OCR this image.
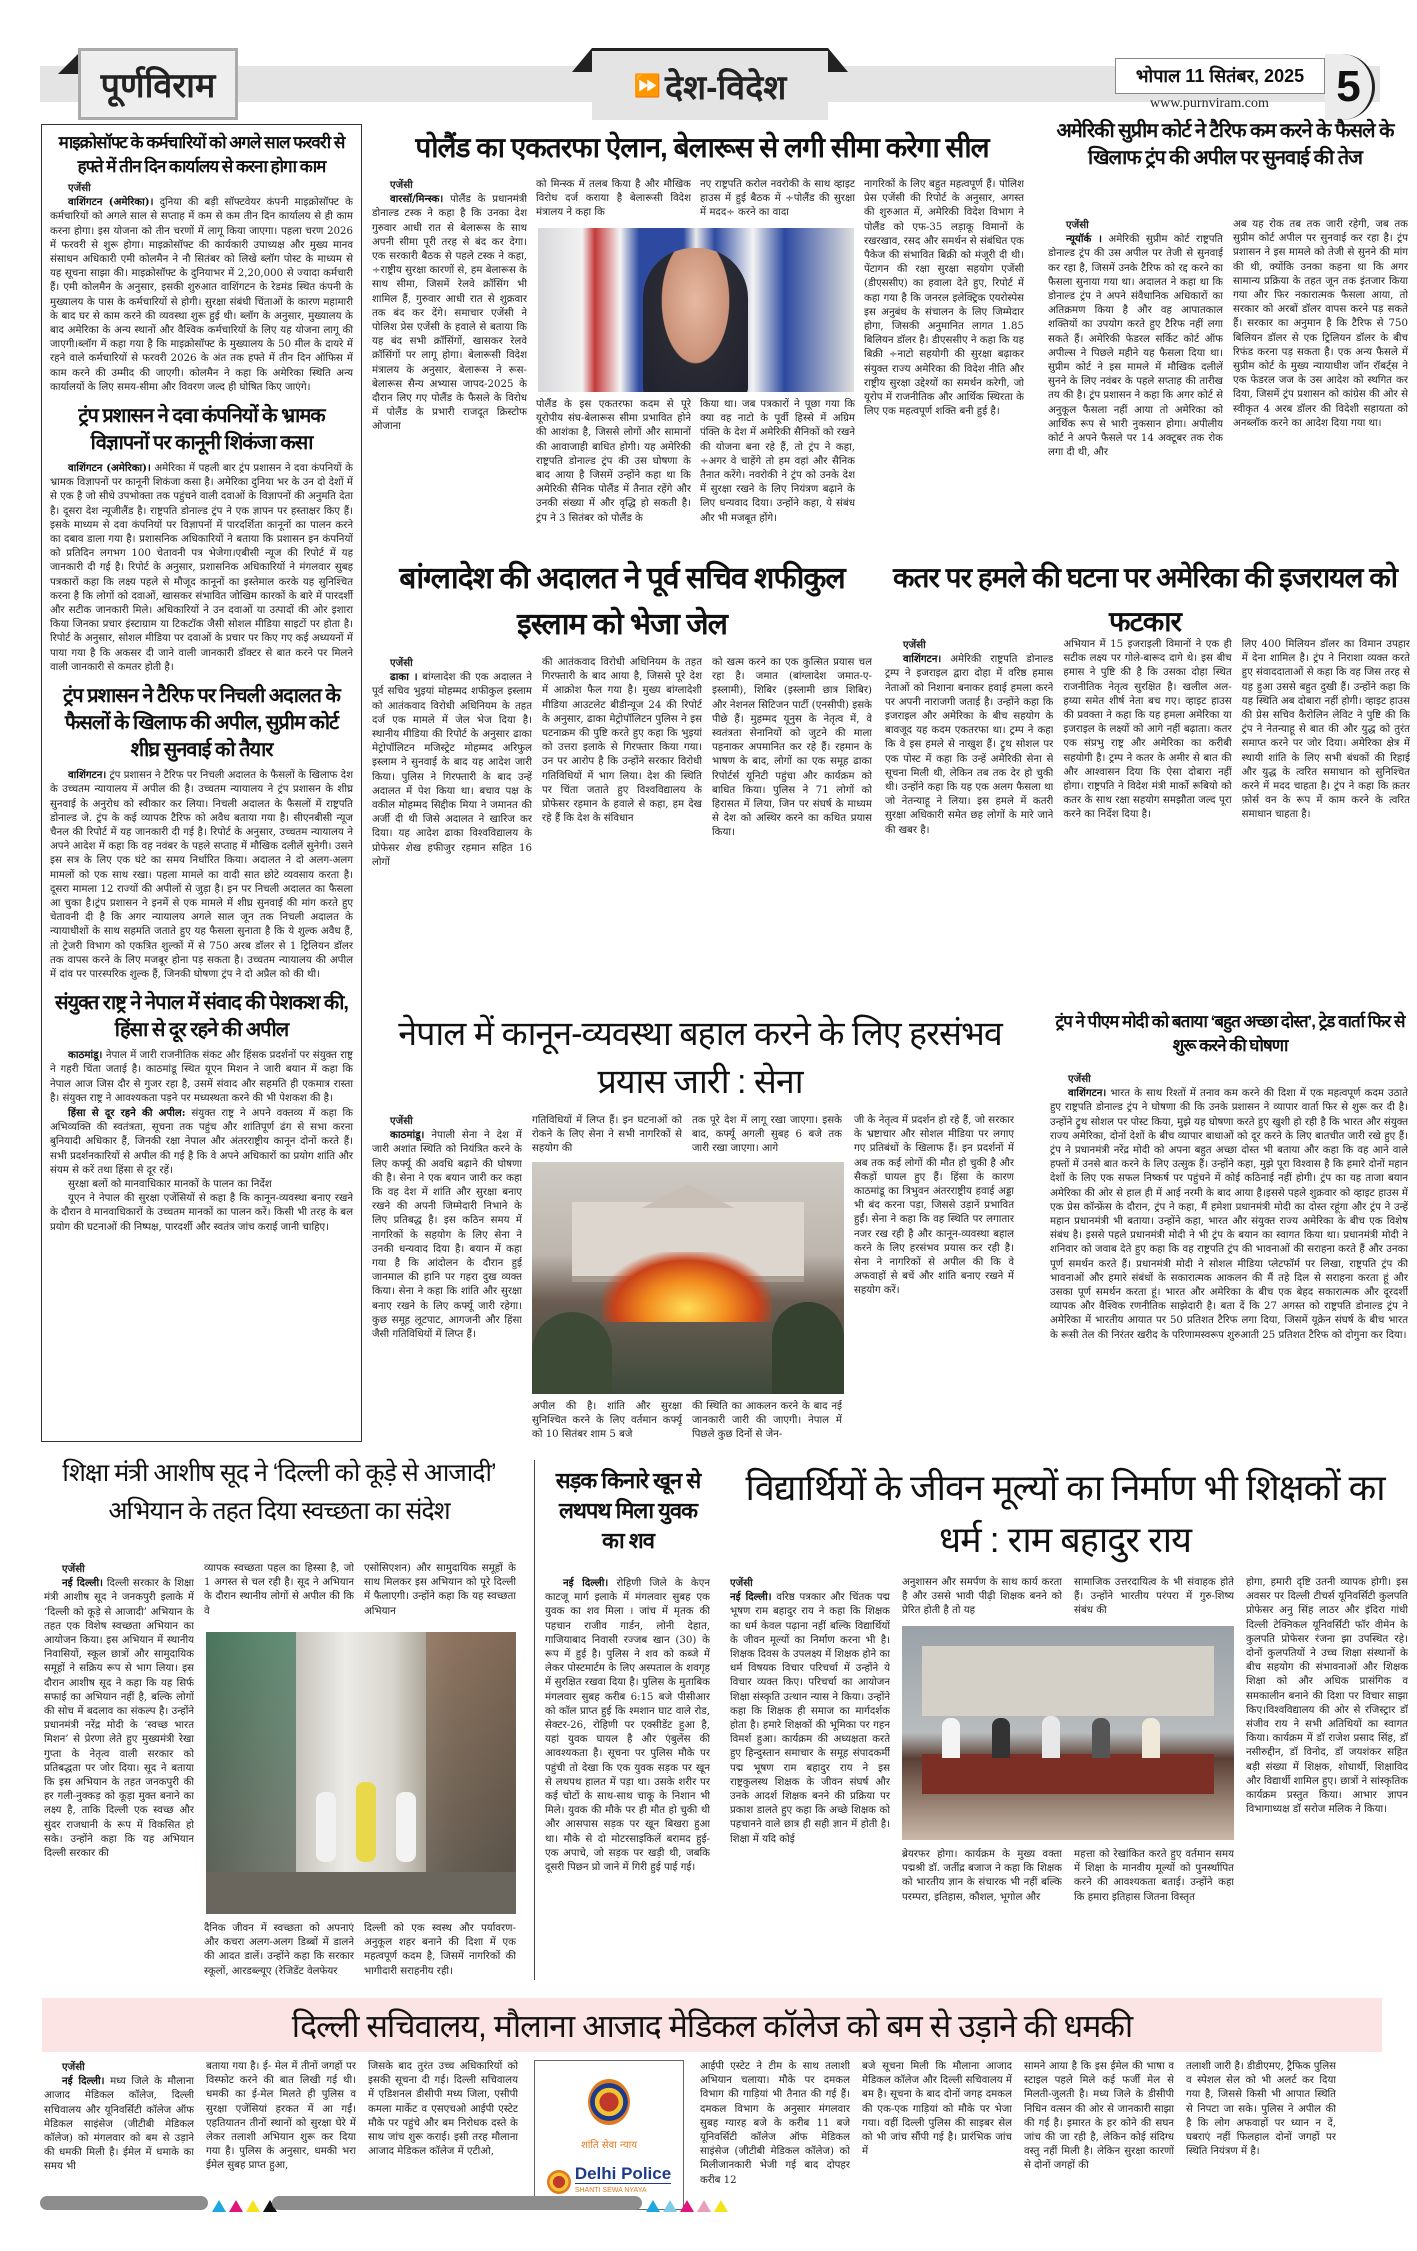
पूर्णविराम	⏩ देश-विदेश	भोपाल 11 सितंबर, 2025
www.purnviram.com 5
माइक्रोसॉफ्ट के कर्मचारियों को अगले साल फरवरी से हफ्ते में तीन दिन कार्यालय से करना होगा काम
एजेंसी
वाशिंगटन (अमेरिका)। दुनिया की बड़ी सॉफ्टवेयर कंपनी माइक्रोसॉफ्ट के कर्मचारियों को अगले साल से सप्ताह में कम से कम तीन दिन कार्यालय से ही काम करना होगा। इस योजना को तीन चरणों में लागू किया जाएगा। पहला चरण 2026 में फरवरी से शुरू होगा। माइक्रोसॉफ्ट की कार्यकारी उपाध्यक्ष और मुख्य मानव संसाधन अधिकारी एमी कोलमैन ने नौ सितंबर को लिखे ब्लॉग पोस्ट के माध्यम से यह सूचना साझा की। माइक्रोसॉफ्ट के दुनियाभर में 2,20,000 से ज्यादा कर्मचारी हैं। एमी कोलमैन के अनुसार, इसकी शुरुआत वाशिंगटन के रेडमंड स्थित कंपनी के मुख्यालय के पास के कर्मचारियों से होगी। सुरक्षा संबंधी चिंताओं के कारण महामारी के बाद घर से काम करने की व्यवस्था शुरू हुई थी। ब्लॉग के अनुसार, मुख्यालय के बाद अमेरिका के अन्य स्थानों और वैश्विक कर्मचारियों के लिए यह योजना लागू की जाएगी।ब्लॉग में कहा गया है कि माइक्रोसॉफ्ट के मुख्यालय के 50 मील के दायरे में रहने वाले कर्मचारियों से फरवरी 2026 के अंत तक हफ्ते में तीन दिन ऑफिस में काम करने की उम्मीद की जाएगी। कोलमैन ने कहा कि अमेरिका स्थिति अन्य कार्यालयों के लिए समय-सीमा और विवरण जल्द ही घोषित किए जाएंगे।
ट्रंप प्रशासन ने दवा कंपनियों के भ्रामक विज्ञापनों पर कानूनी शिकंजा कसा
वाशिंगटन (अमेरिका)। अमेरिका में पहली बार ट्रंप प्रशासन ने दवा कंपनियों के भ्रामक विज्ञापनों पर कानूनी शिकंजा कसा है। अमेरिका दुनिया भर के उन दो देशों में से एक है जो सीधे उपभोक्ता तक पहुंचने वाली दवाओं के विज्ञापनों की अनुमति देता है। दूसरा देश न्यूजीलैंड है। राष्ट्रपति डोनाल्ड ट्रंप ने एक ज्ञापन पर हस्ताक्षर किए हैं। इसके माध्यम से दवा कंपनियों पर विज्ञापनों में पारदर्शिता कानूनों का पालन करने का दबाव डाला गया है। प्रशासनिक अधिकारियों ने बताया कि प्रशासन इन कंपनियों को प्रतिदिन लगभग 100 चेतावनी पत्र भेजेगा।एबीसी न्यूज की रिपोर्ट में यह जानकारी दी गई है। रिपोर्ट के अनुसार, प्रशासनिक अधिकारियों ने मंगलवार सुबह पत्रकारों कहा कि लक्ष्य पहले से मौजूद कानूनों का इस्तेमाल करके यह सुनिश्चित करना है कि लोगों को दवाओं, खासकर संभावित जोखिम कारकों के बारे में पारदर्शी और सटीक जानकारी मिले। अधिकारियों ने उन दवाओं या उत्पादों की ओर इशारा किया जिनका प्रचार इंस्टाग्राम या टिकटॉक जैसी सोशल मीडिया साइटों पर होता है। रिपोर्ट के अनुसार, सोशल मीडिया पर दवाओं के प्रचार पर किए गए कई अध्ययनों में पाया गया है कि अकसर दी जाने वाली जानकारी डॉक्टर से बात करने पर मिलने वाली जानकारी से कमतर होती है।
ट्रंप प्रशासन ने टैरिफ पर निचली अदालत के फैसलों के खिलाफ की अपील, सुप्रीम कोर्ट शीघ्र सुनवाई को तैयार
वाशिंगटन। ट्रंप प्रशासन ने टैरिफ पर निचली अदालत के फैसलों के खिलाफ देश के उच्चतम न्यायालय में अपील की है। उच्चतम न्यायालय ने ट्रंप प्रशासन के शीघ्र सुनवाई के अनुरोध को स्वीकार कर लिया। निचली अदालत के फैसलों में राष्ट्रपति डोनाल्ड जे. ट्रंप के कई व्यापक टैरिफ को अवैध बताया गया है। सीएनबीसी न्यूज चैनल की रिपोर्ट में यह जानकारी दी गई है। रिपोर्ट के अनुसार, उच्चतम न्यायालय ने अपने आदेश में कहा कि वह नवंबर के पहले सप्ताह में मौखिक दलीलें सुनेगी। उसने इस सत्र के लिए एक घंटे का समय निर्धारित किया। अदालत ने दो अलग-अलग मामलों को एक साथ रखा। पहला मामले का वादी सात छोटे व्यवसाय करता है। दूसरा मामला 12 राज्यों की अपीलों से जुड़ा है। इन पर निचली अदालत का फैसला आ चुका है।ट्रंप प्रशासन ने इनमें से एक मामले में शीघ्र सुनवाई की मांग करते हुए चेतावनी दी है कि अगर न्यायालय अगले साल जून तक निचली अदालत के न्यायाधीशों के साथ सहमति जताते हुए यह फैसला सुनाता है कि ये शुल्क अवैध हैं, तो ट्रेजरी विभाग को एकत्रित शुल्कों में से 750 अरब डॉलर से 1 ट्रिलियन डॉलर तक वापस करने के लिए मजबूर होना पड़ सकता है। उच्चतम न्यायालय की अपील में दांव पर पारस्परिक शुल्क हैं, जिनकी घोषणा ट्रंप ने दो अप्रैल को की थी।
संयुक्त राष्ट्र ने नेपाल में संवाद की पेशकश की, हिंसा से दूर रहने की अपील
काठमांडू। नेपाल में जारी राजनीतिक संकट और हिंसक प्रदर्शनों पर संयुक्त राष्ट्र ने गहरी चिंता जताई है। काठमांडू स्थित यूएन मिशन ने जारी बयान में कहा कि नेपाल आज जिस दौर से गुजर रहा है, उसमें संवाद और सहमति ही एकमात्र रास्ता है। संयुक्त राष्ट्र ने आवश्यकता पड़ने पर मध्यस्थता करने की भी पेशकश की है।
हिंसा से दूर रहने की अपील: संयुक्त राष्ट्र ने अपने वक्तव्य में कहा कि अभिव्यक्ति की स्वतंत्रता, सूचना तक पहुंच और शांतिपूर्ण ढंग से सभा करना बुनियादी अधिकार हैं, जिनकी रक्षा नेपाल और अंतरराष्ट्रीय कानून दोनों करते हैं। सभी प्रदर्शनकारियों से अपील की गई है कि वे अपने अधिकारों का प्रयोग शांति और संयम से करें तथा हिंसा से दूर रहें।
सुरक्षा बलों को मानवाधिकार मानकों के पालन का निर्देश
यूएन ने नेपाल की सुरक्षा एजेंसियों से कहा है कि कानून-व्यवस्था बनाए रखने के दौरान वे मानवाधिकारों के उच्चतम मानकों का पालन करें। किसी भी तरह के बल प्रयोग की घटनाओं की निष्पक्ष, पारदर्शी और स्वतंत्र जांच कराई जानी चाहिए।
पोलैंड का एकतरफा ऐलान, बेलारूस से लगी सीमा करेगा सील
एजेंसी
वारसॉ/मिन्स्क। पोलैंड के प्रधानमंत्री डोनाल्ड टस्क ने कहा है कि उनका देश गुरुवार आधी रात से बेलारूस के साथ अपनी सीमा पूरी तरह से बंद कर देगा। एक सरकारी बैठक से पहले टस्क ने कहा, ÷राष्ट्रीय सुरक्षा कारणों से, हम बेलारूस के साथ सीमा, जिसमें रेलवे क्रॉसिंग भी शामिल हैं, गुरुवार आधी रात से शुक्रवार तक बंद कर देंगे। समाचार एजेंसी ने पोलिश प्रेस एजेंसी के हवाले से बताया कि यह बंद सभी क्रॉसिंगों, खासकर रेलवे क्रॉसिंगों पर लागू होगा। बेलारूसी विदेश मंत्रालय के अनुसार, बेलारूस ने रूस-बेलारूस सैन्य अभ्यास जापद-2025 के दौरान लिए गए पोलैंड के फैसले के विरोध में पोलैंड के प्रभारी राजदूत क्रिस्टोफ ओजाना
को मिन्स्क में तलब किया है और मौखिक विरोध दर्ज कराया है बेलारूसी विदेश मंत्रालय ने कहा कि
नए राष्ट्रपति करोल नवरोकी के साथ व्हाइट हाउस में हुई बैठक में ÷पोलैंड की सुरक्षा में मदद÷ करने का वादा
पोलैंड के इस एकतरफा कदम से पूरे यूरोपीय संघ-बेलारूस सीमा प्रभावित होने की आशंका है, जिससे लोगों और सामानों की आवाजाही बाधित होगी। यह अमेरिकी राष्ट्रपति डोनाल्ड ट्रंप की उस घोषणा के बाद आया है जिसमें उन्होंने कहा था कि अमेरिकी सैनिक पोलैंड में तैनात रहेंगे और उनकी संख्या में और वृद्धि हो सकती है। ट्रंप ने 3 सितंबर को पोलैंड के
किया था। जब पत्रकारों ने पूछा गया कि क्या वह नाटो के पूर्वी हिस्से में अग्रिम पंक्ति के देश में अमेरिकी सैनिकों को रखने की योजना बना रहे हैं, तो ट्रंप ने कहा, ÷अगर वे चाहेंगे तो हम वहां और सैनिक तैनात करेंगे। नवरोकी ने ट्रंप को उनके देश में सुरक्षा रखने के लिए नियंत्रण बढ़ाने के लिए धन्यवाद दिया। उन्होंने कहा, ये संबंध और भी मजबूत होंगे।
नागरिकों के लिए बहुत महत्वपूर्ण हैं। पोलिश प्रेस एजेंसी की रिपोर्ट के अनुसार, अगस्त की शुरुआत में, अमेरिकी विदेश विभाग ने पोलैंड को एफ-35 लड़ाकू विमानों के रखरखाव, रसद और समर्थन से संबंधित एक पैकेज की संभावित बिक्री को मंजूरी दी थी। पेंटागन की रक्षा सुरक्षा सहयोग एजेंसी (डीएससीए) का हवाला देते हुए, रिपोर्ट में कहा गया है कि जनरल इलेक्ट्रिक एयरोस्पेस इस अनुबंध के संचालन के लिए जिम्मेदार होगा, जिसकी अनुमानित लागत 1.85 बिलियन डॉलर है। डीएससीए ने कहा कि यह बिक्री ÷नाटो सहयोगी की सुरक्षा बढ़ाकर संयुक्त राज्य अमेरिका की विदेश नीति और राष्ट्रीय सुरक्षा उद्देश्यों का समर्थन करेगी, जो यूरोप में राजनीतिक और आर्थिक स्थिरता के लिए एक महत्वपूर्ण शक्ति बनी हुई है।
अमेरिकी सुप्रीम कोर्ट ने टैरिफ कम करने के फैसले के खिलाफ ट्रंप की अपील पर सुनवाई की तेज
एजेंसी
न्यूयॉर्क । अमेरिकी सुप्रीम कोर्ट राष्ट्रपति डोनाल्ड ट्रंप की उस अपील पर तेजी से सुनवाई कर रहा है, जिसमें उनके टैरिफ को रद्द करने का फैसला सुनाया गया था। अदालत ने कहा था कि डोनाल्ड ट्रंप ने अपने संवैधानिक अधिकारों का अतिक्रमण किया है और वह आपातकाल शक्तियों का उपयोग करते हुए टैरिफ नहीं लगा सकते हैं। अमेरिकी फेडरल सर्किट कोर्ट ऑफ अपील्स ने पिछले महीने यह फैसला दिया था। सुप्रीम कोर्ट ने इस मामले में मौखिक दलीलें सुनने के लिए नवंबर के पहले सप्ताह की तारीख तय की है। ट्रंप प्रशासन ने कहा कि अगर कोर्ट से अनुकूल फैसला नहीं आया तो अमेरिका को आर्थिक रूप से भारी नुकसान होगा। अपीलीय कोर्ट ने अपने फैसले पर 14 अक्टूबर तक रोक लगा दी थी, और
अब यह रोक तब तक जारी रहेगी, जब तक सुप्रीम कोर्ट अपील पर सुनवाई कर रहा है। ट्रंप प्रशासन ने इस मामले को तेजी से सुनने की मांग की थी, क्योंकि उनका कहना था कि अगर सामान्य प्रक्रिया के तहत जून तक इंतजार किया गया और फिर नकारात्मक फैसला आया, तो सरकार को अरबों डॉलर वापस करने पड़ सकते हैं। सरकार का अनुमान है कि टैरिफ से 750 बिलियन डॉलर से एक ट्रिलियन डॉलर के बीच रिफंड करना पड़ सकता है। एक अन्य फैसले में सुप्रीम कोर्ट के मुख्य न्यायाधीश जॉन रॉबर्ट्स ने एक फेडरल जज के उस आदेश को स्थगित कर दिया, जिसमें ट्रंप प्रशासन को कांग्रेस की ओर से स्वीकृत 4 अरब डॉलर की विदेशी सहायता को अनब्लॉक करने का आदेश दिया गया था।
बांग्लादेश की अदालत ने पूर्व सचिव शफीकुल इस्लाम को भेजा जेल
एजेंसी
ढाका । बांग्लादेश की एक अदालत ने पूर्व सचिव भुइयां मोहम्मद शफीकुल इस्लाम को आतंकवाद विरोधी अधिनियम के तहत दर्ज एक मामले में जेल भेज दिया है। स्थानीय मीडिया की रिपोर्ट के अनुसार ढाका मेट्रोपॉलिटन मजिस्ट्रेट मोहम्मद अरिफुल इस्लाम ने सुनवाई के बाद यह आदेश जारी किया। पुलिस ने गिरफ्तारी के बाद उन्हें अदालत में पेश किया था। बचाव पक्ष के वकील मोहम्मद सिद्दीक मिया ने जमानत की अर्जी दी थी जिसे अदालत ने खारिज कर दिया। यह आदेश ढाका विश्वविद्यालय के प्रोफेसर शेख हफीजुर रहमान सहित 16 लोगों
की आतंकवाद विरोधी अधिनियम के तहत गिरफ्तारी के बाद आया है, जिससे पूरे देश में आक्रोश फैल गया है। मुख्य बांग्लादेशी मीडिया आउटलेट बीडीन्यूज 24 की रिपोर्ट के अनुसार, ढाका मेट्रोपॉलिटन पुलिस ने इस घटनाक्रम की पुष्टि करते हुए कहा कि भुइयां को उत्तरा इलाके से गिरफ्तार किया गया। उन पर आरोप है कि उन्होंने सरकार विरोधी गतिविधियों में भाग लिया। देश की स्थिति पर चिंता जताते हुए विश्वविद्यालय के प्रोफेसर रहमान के हवाले से कहा, हम देख रहे हैं कि देश के संविधान
को खत्म करने का एक कुत्सित प्रयास चल रहा है। जमात (बांग्लादेश जमात-ए-इस्लामी), शिबिर (इस्लामी छात्र शिबिर) और नेशनल सिटिजन पार्टी (एनसीपी) इसके पीछे हैं। मुहम्मद यूनुस के नेतृत्व में, वे स्वतंत्रता सेनानियों को जुटने की माला पहनाकर अपमानित कर रहे हैं। रहमान के भाषण के बाद, लोगों का एक समूह ढाका रिपोर्टर्स यूनिटी पहुंचा और कार्यक्रम को बाधित किया। पुलिस ने 71 लोगों को हिरासत में लिया, जिन पर संघर्ष के माध्यम से देश को अस्थिर करने का कथित प्रयास किया।
कतर पर हमले की घटना पर अमेरिका की इजरायल को फटकार
एजेंसी
वाशिंगटन। अमेरिकी राष्ट्रपति डोनाल्ड ट्रम्प ने इजराइल द्वारा दोहा में वरिष्ठ हमास नेताओं को निशाना बनाकर हवाई हमला करने पर अपनी नाराजगी जताई है। उन्होंने कहा कि इजराइल और अमेरिका के बीच सहयोग के बावजूद यह कदम एकतरफा था। ट्रम्प ने कहा कि वे इस हमले से नाखुश हैं। ट्रुथ सोशल पर एक पोस्ट में कहा कि उन्हें अमेरिकी सेना से सूचना मिली थी, लेकिन तब तक देर हो चुकी थी। उन्होंने कहा कि यह एक अलग फैसला था जो नेतन्याहू ने लिया। इस हमले में कतरी सुरक्षा अधिकारी समेत छह लोगों के मारे जाने की खबर है।
अभियान में 15 इजराइली विमानों ने एक ही सटीक लक्ष्य पर गोले-बारूद दागे थे। इस बीच हमास ने पुष्टि की है कि उसका दोहा स्थित राजनीतिक नेतृत्व सुरक्षित है। खलील अल-हय्या समेत शीर्ष नेता बच गए। व्हाइट हाउस की प्रवक्ता ने कहा कि यह हमला अमेरिका या इजराइल के लक्ष्यों को आगे नहीं बढ़ाता। कतर एक संप्रभु राष्ट्र और अमेरिका का करीबी सहयोगी है। ट्रम्प ने कतर के अमीर से बात की और आश्वासन दिया कि ऐसा दोबारा नहीं होगा। राष्ट्रपति ने विदेश मंत्री मार्को रूबियो को कतर के साथ रक्षा सहयोग समझौता जल्द पूरा करने का निर्देश दिया है।
लिए 400 मिलियन डॉलर का विमान उपहार में देना शामिल है। ट्रंप ने निराशा व्यक्त करते हुए संवाददाताओं से कहा कि वह जिस तरह से यह हुआ उससे बहुत दुखी हैं। उन्होंने कहा कि यह स्थिति अब दोबारा नहीं होगी। व्हाइट हाउस की प्रेस सचिव कैरोलिन लेविट ने पुष्टि की कि ट्रंप ने नेतन्याहू से बात की और युद्ध को तुरंत समाप्त करने पर जोर दिया। अमेरिका क्षेत्र में स्थायी शांति के लिए सभी बंधकों की रिहाई और युद्ध के त्वरित समाधान को सुनिश्चित करने में मदद चाहता है। ट्रंप ने कहा कि क़तर फ़ोर्स वन के रूप में काम करने के त्वरित समाधान चाहता है।
नेपाल में कानून-व्यवस्था बहाल करने के लिए हरसंभव प्रयास जारी : सेना
एजेंसी
काठमांडू। नेपाली सेना ने देश में जारी अशांत स्थिति को नियंत्रित करने के लिए कर्फ्यू की अवधि बढ़ाने की घोषणा की है। सेना ने एक बयान जारी कर कहा कि वह देश में शांति और सुरक्षा बनाए रखने की अपनी जिम्मेदारी निभाने के लिए प्रतिबद्ध है। इस कठिन समय में नागरिकों के सहयोग के लिए सेना ने उनकी धन्यवाद दिया है। बयान में कहा गया है कि आंदोलन के दौरान हुई जानमाल की हानि पर गहरा दुख व्यक्त किया। सेना ने कहा कि शांति और सुरक्षा बनाए रखने के लिए कर्फ्यू जारी रहेगा। कुछ समूह लूटपाट, आगजनी और हिंसा जैसी गतिविधियों में लिप्त हैं।
गतिविधियों में लिप्त हैं। इन घटनाओं को रोकने के लिए सेना ने सभी नागरिकों से सहयोग की
तक पूरे देश में लागू रखा जाएगा। इसके बाद, कर्फ्यू अगली सुबह 6 बजे तक जारी रखा जाएगा। आगे
अपील की है। शांति और सुरक्षा सुनिश्चित करने के लिए वर्तमान कर्फ्यू को 10 सितंबर शाम 5 बजे
की स्थिति का आकलन करने के बाद नई जानकारी जारी की जाएगी। नेपाल में पिछले कुछ दिनों से जेन-
जी के नेतृत्व में प्रदर्शन हो रहे हैं, जो सरकार के भ्रष्टाचार और सोशल मीडिया पर लगाए गए प्रतिबंधों के खिलाफ हैं। इन प्रदर्शनों में अब तक कई लोगों की मौत हो चुकी है और सैकड़ों घायल हुए हैं। हिंसा के कारण काठमांडू का त्रिभुवन अंतरराष्ट्रीय हवाई अड्डा भी बंद करना पड़ा, जिससे उड़ानें प्रभावित हुईं। सेना ने कहा कि वह स्थिति पर लगातार नजर रख रही है और कानून-व्यवस्था बहाल करने के लिए हरसंभव प्रयास कर रही है। सेना ने नागरिकों से अपील की कि वे अफवाहों से बचें और शांति बनाए रखने में सहयोग करें।
ट्रंप ने पीएम मोदी को बताया ‘बहुत अच्छा दोस्त’, ट्रेड वार्ता फिर से शुरू करने की घोषणा
एजेंसी
वाशिंगटन। भारत के साथ रिश्तों में तनाव कम करने की दिशा में एक महत्वपूर्ण कदम उठाते हुए राष्ट्रपति डोनाल्ड ट्रंप ने घोषणा की कि उनके प्रशासन ने व्यापार वार्ता फिर से शुरू कर दी है। उन्होंने ट्रुथ सोशल पर पोस्ट किया, मुझे यह घोषणा करते हुए खुशी हो रही है कि भारत और संयुक्त राज्य अमेरिका, दोनों देशों के बीच व्यापार बाधाओं को दूर करने के लिए बातचीत जारी रखे हुए हैं। ट्रंप ने प्रधानमंत्री नरेंद्र मोदी को अपना बहुत अच्छा दोस्त भी बताया और कहा कि वह आने वाले हफ्तों में उनसे बात करने के लिए उत्सुक हैं। उन्होंने कहा, मुझे पूरा विश्वास है कि हमारे दोनों महान देशों के लिए एक सफल निष्कर्ष पर पहुंचने में कोई कठिनाई नहीं होगी। ट्रंप का यह ताजा बयान अमेरिका की ओर से हाल ही में आई नरमी के बाद आया है।इससे पहले शुक्रवार को व्हाइट हाउस में एक प्रेस कॉन्फ्रेंस के दौरान, ट्रंप ने कहा, मैं हमेशा प्रधानमंत्री मोदी का दोस्त रहूंगा और ट्रंप ने उन्हें महान प्रधानमंत्री भी बताया। उन्होंने कहा, भारत और संयुक्त राज्य अमेरिका के बीच एक विशेष संबंध है। इससे पहले प्रधानमंत्री मोदी ने भी ट्रंप के बयान का स्वागत किया था। प्रधानमंत्री मोदी ने शनिवार को जवाब देते हुए कहा कि वह राष्ट्रपति ट्रंप की भावनाओं की सराहना करते हैं और उनका पूर्ण समर्थन करते हैं। प्रधानमंत्री मोदी ने सोशल मीडिया प्लेटफॉर्म पर लिखा, राष्ट्रपति ट्रंप की भावनाओं और हमारे संबंधों के सकारात्मक आकलन की मैं तहे दिल से सराहना करता हूं और उसका पूर्ण समर्थन करता हूं। भारत और अमेरिका के बीच एक बेहद सकारात्मक और दूरदर्शी व्यापक और वैश्विक रणनीतिक साझेदारी है। बता दें कि 27 अगस्त को राष्ट्रपति डोनाल्ड ट्रंप ने अमेरिका में भारतीय आयात पर 50 प्रतिशत टैरिफ लगा दिया, जिसमें यूक्रेन संघर्ष के बीच भारत के रूसी तेल की निरंतर खरीद के परिणामस्वरूप शुरुआती 25 प्रतिशत टैरिफ को दोगुना कर दिया।
शिक्षा मंत्री आशीष सूद ने ‘दिल्ली को कूड़े से आजादी’ अभियान के तहत दिया स्वच्छता का संदेश
एजेंसी
नई दिल्ली। दिल्ली सरकार के शिक्षा मंत्री आशीष सूद ने जनकपुरी इलाके में ‘दिल्ली को कूड़े से आजादी’ अभियान के तहत एक विशेष स्वच्छता अभियान का आयोजन किया। इस अभियान में स्थानीय निवासियों, स्कूल छात्रों और सामुदायिक समूहों ने सक्रिय रूप से भाग लिया। इस दौरान आशीष सूद ने कहा कि यह सिर्फ सफाई का अभियान नहीं है, बल्कि लोगों की सोच में बदलाव का संकल्प है। उन्होंने प्रधानमंत्री नरेंद्र मोदी के ‘स्वच्छ भारत मिशन’ से प्रेरणा लेते हुए मुख्यमंत्री रेखा गुप्ता के नेतृत्व वाली सरकार को प्रतिबद्धता पर जोर दिया। सूद ने बताया कि इस अभियान के तहत जनकपुरी की हर गली-नुक्कड़ को कूड़ा मुक्त बनाने का लक्ष्य है, ताकि दिल्ली एक स्वच्छ और सुंदर राजधानी के रूप में विकसित हो सके। उन्होंने कहा कि यह अभियान दिल्ली सरकार की
व्यापक स्वच्छता पहल का हिस्सा है, जो 1 अगस्त से चल रही है। सूद ने अभियान के दौरान स्थानीय लोगों से अपील की कि वे
एसोसिएशन) और सामुदायिक समूहों के साथ मिलकर इस अभियान को पूरे दिल्ली में फैलाएगी। उन्होंने कहा कि यह स्वच्छता अभियान
दैनिक जीवन में स्वच्छता को अपनाएं और कचरा अलग-अलग डिब्बों में डालने की आदत डालें। उन्होंने कहा कि सरकार स्कूलों, आरडब्ल्यूए (रेजिडेंट वेलफेयर
दिल्ली को एक स्वस्थ और पर्यावरण-अनुकूल शहर बनाने की दिशा में एक महत्वपूर्ण कदम है, जिसमें नागरिकों की भागीदारी सराहनीय रही।
सड़क किनारे खून से लथपथ मिला युवक का शव
नई दिल्ली। रोहिणी जिले के केएन काटजू मार्ग इलाके में मंगलवार सुबह एक युवक का शव मिला । जांच में मृतक की पहचान राजीव गार्डन, लोनी देहात, गाजियाबाद निवासी रज्जब खान (30) के रूप में हुई है। पुलिस ने शव को कब्जे में लेकर पोस्टमार्टम के लिए अस्पताल के शवगृह में सुरक्षित रखवा दिया है। पुलिस के मुताबिक मंगलवार सुबह करीब 6:15 बजे पीसीआर को कॉल प्राप्त हुई कि श्मशान घाट वाले रोड, सेक्टर-26, रोहिणी पर एक्सीडेंट हुआ है, यहां युवक घायल है और एंबुलेंस की आवश्यकता है। सूचना पर पुलिस मौके पर पहुंची तो देखा कि एक युवक सड़क पर खून से लथपथ हालत में पड़ा था। उसके शरीर पर कई चोटों के साथ-साथ चाकू के निशान भी मिले। युवक की मौके पर ही मौत हो चुकी थी और आसपास सड़क पर खून बिखरा हुआ था। मौके से दो मोटरसाइकिलें बरामद हुई-एक अपाचे, जो सड़क पर खड़ी थी, जबकि दूसरी पिछन प्रो जाने में गिरी हुई पाई गई।
विद्यार्थियों के जीवन मूल्यों का निर्माण भी शिक्षकों का धर्म : राम बहादुर राय
एजेंसी
नई दिल्ली। वरिष्ठ पत्रकार और चिंतक पद्म भूषण राम बहादुर राय ने कहा कि शिक्षक का धर्म केवल पढ़ाना नहीं बल्कि विद्यार्थियों के जीवन मूल्यों का निर्माण करना भी है। शिक्षक दिवस के उपलक्ष्य में शिक्षक होने का धर्म विषयक विचार परिचर्चा में उन्होंने ये विचार व्यक्त किए। परिचर्चा का आयोजन शिक्षा संस्कृति उत्थान न्यास ने किया। उन्होंने कहा कि शिक्षक ही समाज का मार्गदर्शक होता है। हमारे शिक्षकों की भूमिका पर गहन विमर्श हुआ। कार्यक्रम की अध्यक्षता करते हुए हिन्दुस्तान समाचार के समूह संपादकर्मी पद्म भूषण राम बहादुर राय ने इस राष्ट्रकुलस्थ शिक्षक के जीवन संघर्ष और उनके आदर्श शिक्षक बनने की प्रक्रिया पर प्रकाश डालते हुए कहा कि अच्छे शिक्षक को पहचानने वाले छात्र ही सही ज्ञान में होती है। शिक्षा में यदि कोई
अनुशासन और समर्पण के साथ कार्य करता है और उससे भावी पीढ़ी शिक्षक बनने को प्रेरित होती है तो यह
सामाजिक उत्तरदायित्व के भी संवाहक होते हैं। उन्होंने भारतीय परंपरा में गुरु-शिष्य संबंध की
ब्रेयरफर होगा। कार्यक्रम के मुख्य वक्ता पद्मश्री डॉ. जतींद्र बजाज ने कहा कि शिक्षक को भारतीय ज्ञान के संचारक भी नहीं बल्कि परम्परा, इतिहास, कौशल, भूगोल और
महत्ता को रेखांकित करते हुए वर्तमान समय में शिक्षा के मानवीय मूल्यों को पुनर्स्थापित करने की आवश्यकता बताई। उन्होंने कहा कि हमारा इतिहास जितना विस्तृत
होगा, हमारी दृष्टि उतनी व्यापक होगी। इस अवसर पर दिल्ली टीचर्स यूनिवर्सिटी कुलपति प्रोफेसर अनु सिंह लाठर और इंदिरा गांधी दिल्ली टेक्निकल यूनिवर्सिटी फॉर वीमेन के कुलपति प्रोफेसर रंजना झा उपस्थित रहे। दोनों कुलपतियों ने उच्च शिक्षा संस्थानों के बीच सहयोग की संभावनाओं और शिक्षक शिक्षा को और अधिक प्रासंगिक व समकालीन बनाने की दिशा पर विचार साझा किए।विश्वविद्यालय की ओर से रजिस्ट्रार डॉ संजीव राय ने सभी अतिथियों का स्वागत किया। कार्यक्रम में डॉ राजेश प्रसाद सिंह, डॉ नसीरुद्दीन, डॉ विनोद, डॉ जयशंकर सहित बड़ी संख्या में शिक्षक, शोधार्थी, शिक्षाविद और विद्यार्थी शामिल हुए। छात्रों ने सांस्कृतिक कार्यक्रम प्रस्तुत किया। आभार ज्ञापन विभागाध्यक्ष डॉ सरोज मलिक ने किया।
दिल्ली सचिवालय, मौलाना आजाद मेडिकल कॉलेज को बम से उड़ाने की धमकी
एजेंसी
नई दिल्ली। मध्य जिले के मौलाना आजाद मेडिकल कॉलेज, दिल्ली सचिवालय और यूनिवर्सिटी कॉलेज ऑफ मेडिकल साइंसेज (जीटीबी मेडिकल कॉलेज) को मंगलवार को बम से उड़ाने की धमकी मिली है। ईमेल में धमाके का समय भी
बताया गया है। ई- मेल में तीनों जगहों पर विस्फोट करने की बात लिखी गई थी। धमकी का ई-मेल मिलते ही पुलिस व सुरक्षा एजेंसियां हरकत में आ गईं। एहतियातन तीनों स्थानों को सुरक्षा घेरे में लेकर तलाशी अभियान शुरू कर दिया गया है। पुलिस के अनुसार, धमकी भरा ईमेल सुबह प्राप्त हुआ,
जिसके बाद तुरंत उच्च अधिकारियों को इसकी सूचना दी गई। दिल्ली सचिवालय में एडिशनल डीसीपी मध्य जिला, एसीपी कमला मार्केट व एसएचओ आईपी एस्टेट मौके पर पहुंचे और बम निरोधक दस्ते के साथ जांच शुरू कराई। इसी तरह मौलाना आजाद मेडिकल कॉलेज में एटीओ,
शांति सेवा न्याय
Delhi Police
SHANTI SEWA NYAYA
आईपी एस्टेट ने टीम के साथ तलाशी अभियान चलाया। मौके पर दमकल विभाग की गाड़ियां भी तैनात की गई हैं। दमकल विभाग के अनुसार मंगलवार सुबह ग्यारह बजे के करीब 11 बजे यूनिवर्सिटी कॉलेज ऑफ मेडिकल साइंसेज (जीटीबी मेडिकल कॉलेज) को मिलीजानकारी भेजी गई बाद दोपहर करीब 12
बजे सूचना मिली कि मौलाना आजाद मेडिकल कॉलेज और दिल्ली सचिवालय में बम है। सूचना के बाद दोनों जगह दमकल की एक-एक गाड़ियां को मौके पर भेजा गया। वहीं दिल्ली पुलिस की साइबर सेल को भी जांच सौंपी गई है। प्रारंभिक जांच में
सामने आया है कि इस ईमेल की भाषा व स्टाइल पहले मिले कई फर्जी मेल से मिलती-जुलती है। मध्य जिले के डीसीपी निधिन वत्सन की ओर से जानकारी साझा की गई है। इमारत के हर कोने की सघन जांच की जा रही है, लेकिन कोई संदिग्ध वस्तु नहीं मिली है। लेकिन सुरक्षा कारणों से दोनों जगहों की
तलाशी जारी है। डीडीएमए, ट्रैफिक पुलिस व स्पेशल सेल को भी अलर्ट कर दिया गया है, जिससे किसी भी आपात स्थिति से निपटा जा सके। पुलिस ने अपील की है कि लोग अफवाहों पर ध्यान न दें, घबराएं नहीं फिलहाल दोनों जगहों पर स्थिति नियंत्रण में है।
